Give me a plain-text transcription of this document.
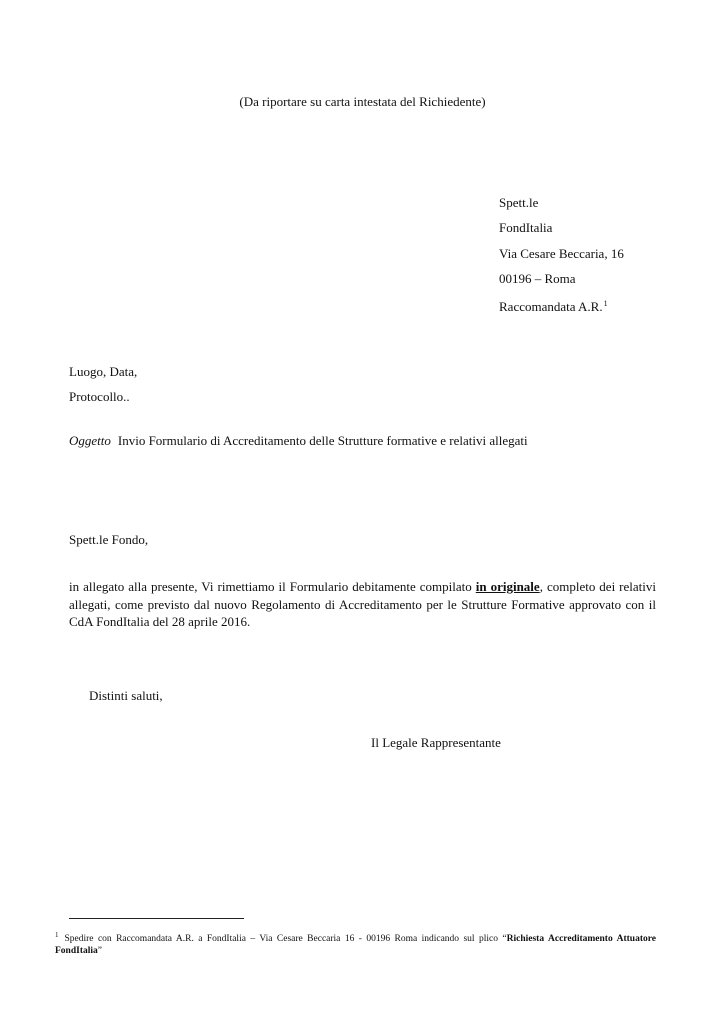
(Da riportare su carta intestata del Richiedente)
Spett.le
FondItalia
Via Cesare Beccaria, 16
00196 – Roma
Raccomandata A.R.$^1$
Luogo, Data,
Protocollo..
Oggetto Invio Formulario di Accreditamento delle Strutture formative e relativi allegati
Spett.le Fondo,
in allegato alla presente, Vi rimettiamo il Formulario debitamente compilato in originale, completo dei relativi allegati, come previsto dal nuovo Regolamento di Accreditamento per le Strutture Formative approvato con il CdA FondItalia del 28 aprile 2016.
Distinti saluti,
Il Legale Rappresentante
$^1$ Spedire con Raccomandata A.R. a FondItalia – Via Cesare Beccaria 16 - 00196 Roma indicando sul plico “Richiesta Accreditamento Attuatore FondItalia”
